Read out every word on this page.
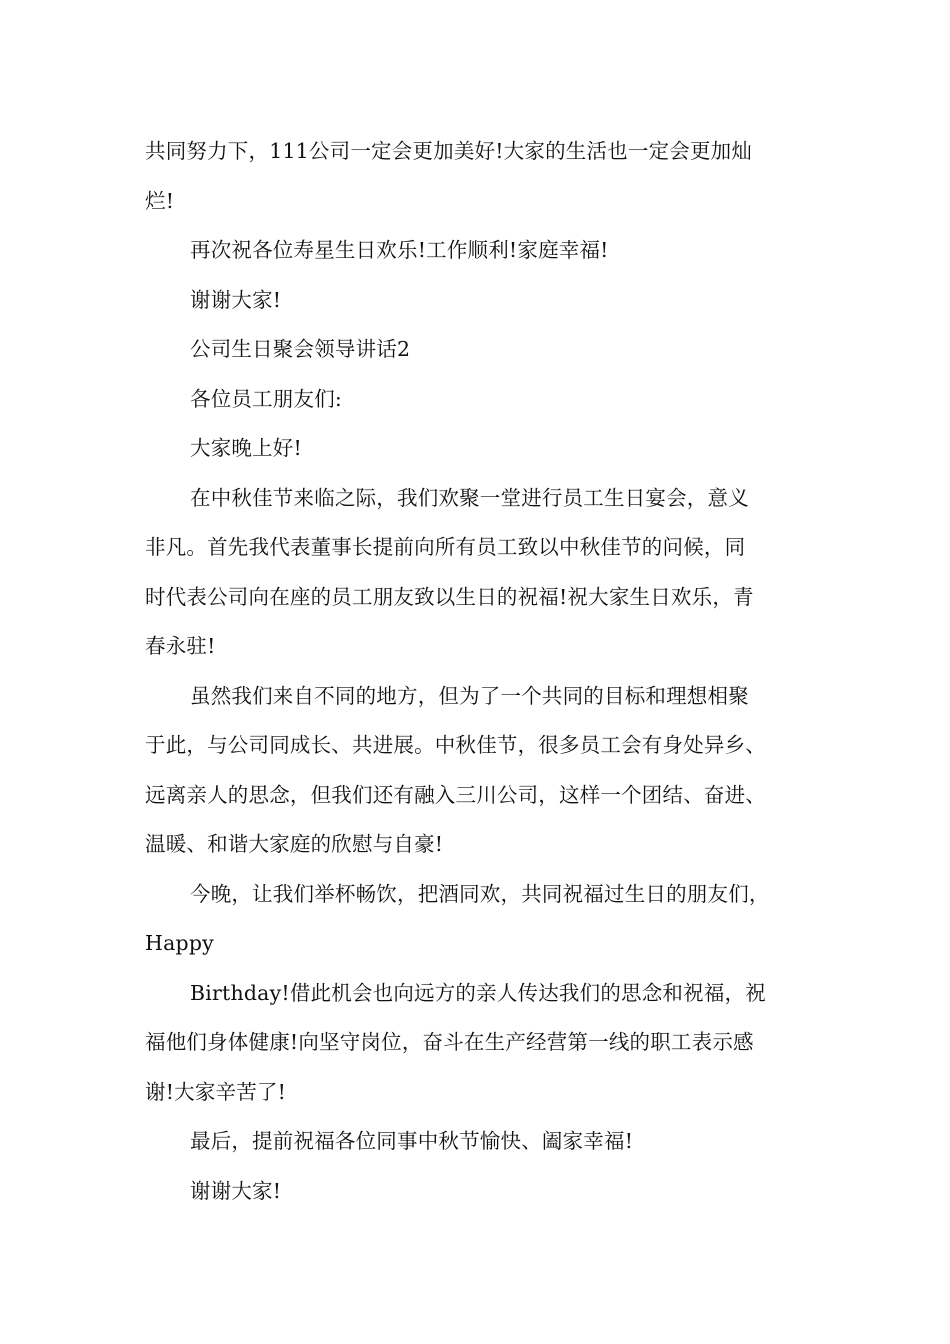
共同努力下，111公司一定会更加美好!大家的生活也一定会更加灿
烂!
再次祝各位寿星生日欢乐!工作顺利!家庭幸福!
谢谢大家!
公司生日聚会领导讲话2
各位员工朋友们:
大家晚上好!
在中秋佳节来临之际，我们欢聚一堂进行员工生日宴会，意义
非凡。首先我代表董事长提前向所有员工致以中秋佳节的问候，同
时代表公司向在座的员工朋友致以生日的祝福!祝大家生日欢乐，青
春永驻!
虽然我们来自不同的地方，但为了一个共同的目标和理想相聚
于此，与公司同成长、共进展。中秋佳节，很多员工会有身处异乡、
远离亲人的思念，但我们还有融入三川公司，这样一个团结、奋进、
温暖、和谐大家庭的欣慰与自豪!
今晚，让我们举杯畅饮，把酒同欢，共同祝福过生日的朋友们，
Happy
Birthday!借此机会也向远方的亲人传达我们的思念和祝福，祝
福他们身体健康!向坚守岗位，奋斗在生产经营第一线的职工表示感
谢!大家辛苦了!
最后，提前祝福各位同事中秋节愉快、阖家幸福!
谢谢大家!
